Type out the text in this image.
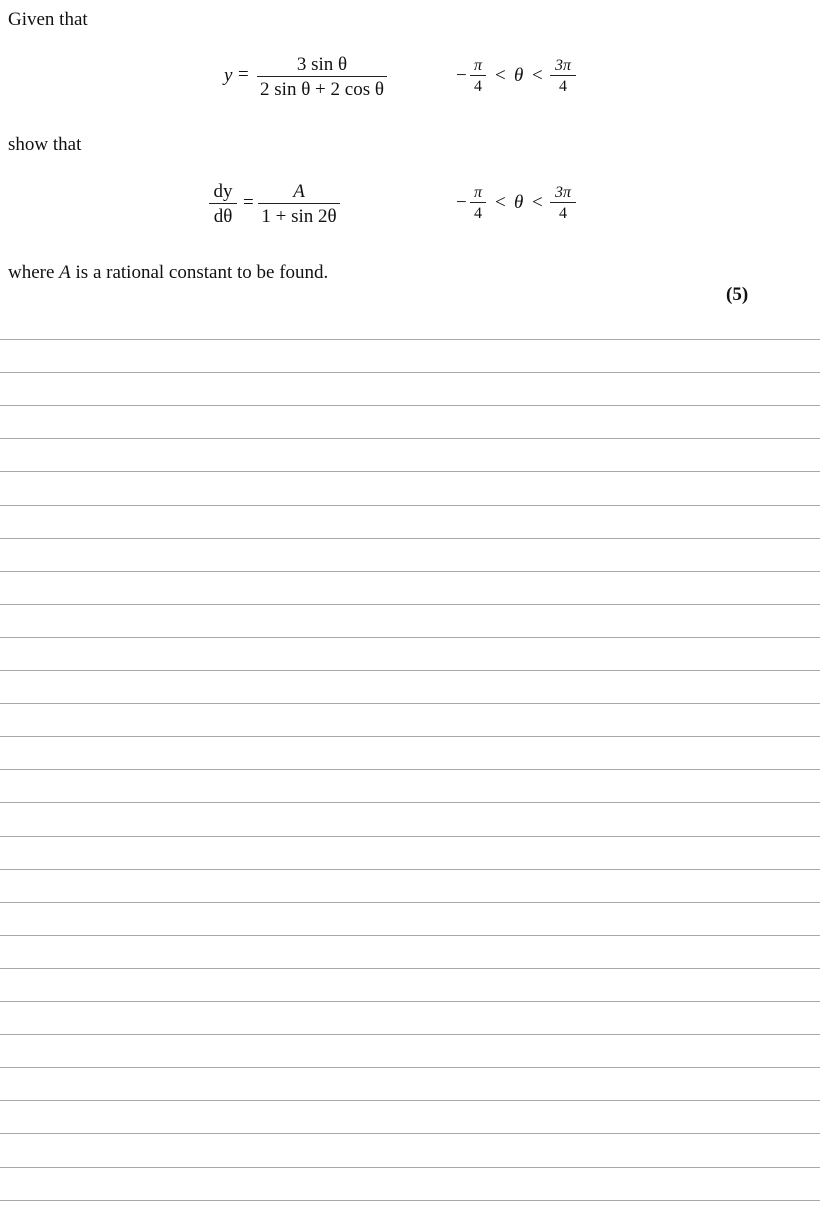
Given that
$y = \frac{\text{3 sin θ}}{\text{2 sin θ + 2 cos θ}}$	− $\frac{\pi}{4} < \theta < \frac{3\pi}{4}$
show that
$\frac{dy}{d\theta} = \frac{A}{1 + \sin 2\theta}$	− $\frac{\pi}{4} < \theta < \frac{3\pi}{4}$
where A is a rational constant to be found.
(5)
